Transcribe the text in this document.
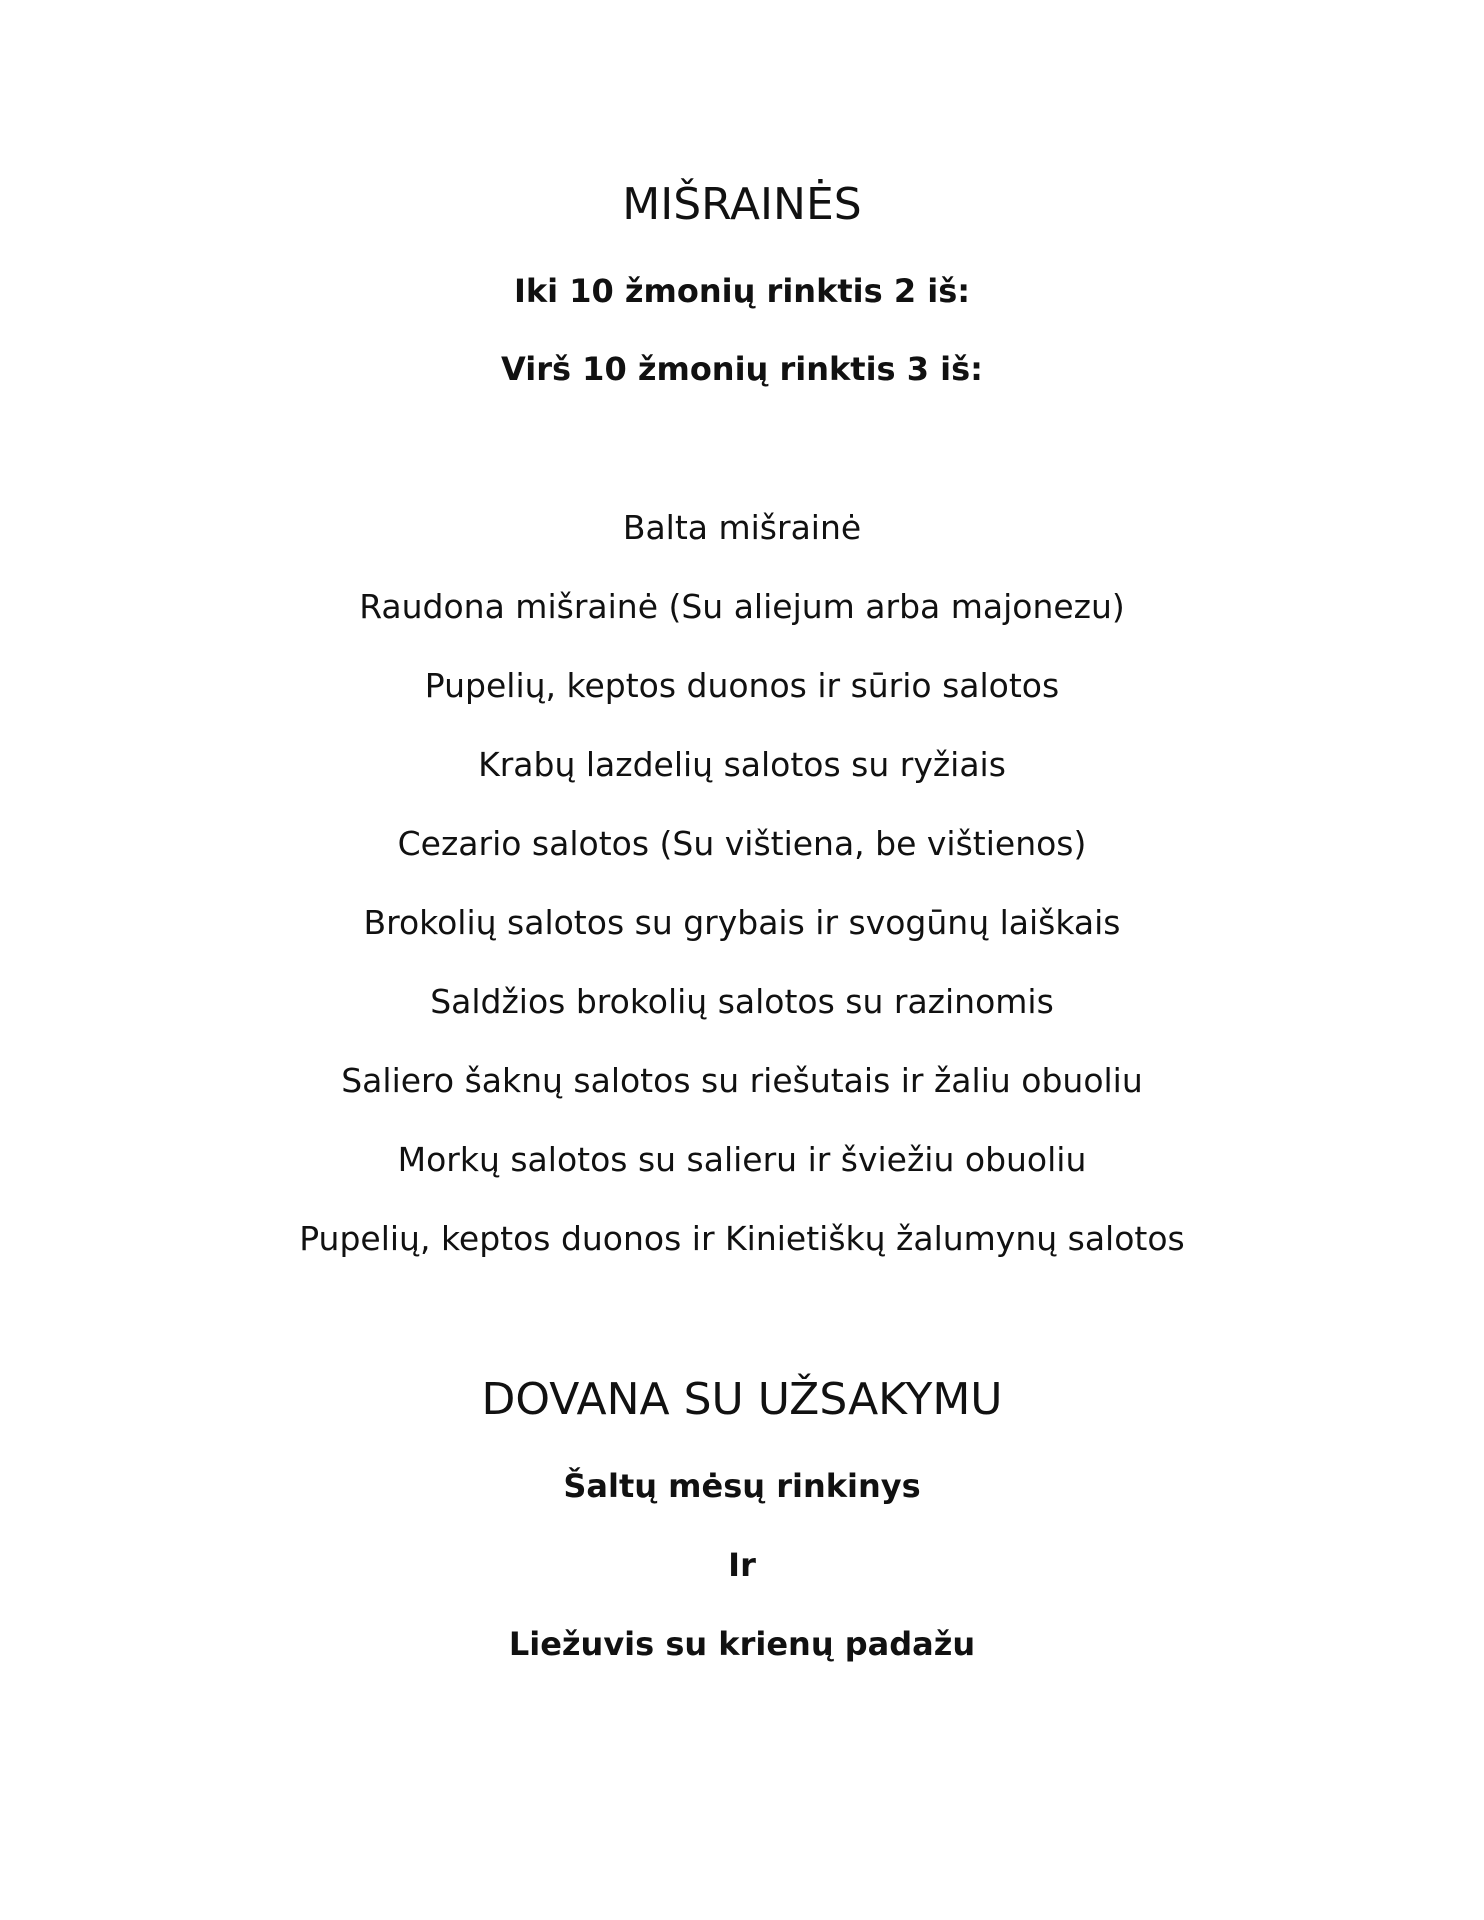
MIŠRAINĖS

Iki 10 žmonių rinktis 2 iš:

Virš 10 žmonių rinktis 3 iš:

Balta mišrainė
Raudona mišrainė (Su aliejum arba majonezu)
Pupelių, keptos duonos ir sūrio salotos
Krabų lazdelių salotos su ryžiais
Cezario salotos (Su vištiena, be vištienos)
Brokolių salotos su grybais ir svogūnų laiškais
Saldžios brokolių salotos su razinomis
Saliero šaknų salotos su riešutais ir žaliu obuoliu
Morkų salotos su salieru ir šviežiu obuoliu
Pupelių, keptos duonos ir Kinietiškų žalumynų salotos
DOVANA SU UŽSAKYMU

Šaltų mėsų rinkinys

Ir

Liežuvis su krienų padažu
